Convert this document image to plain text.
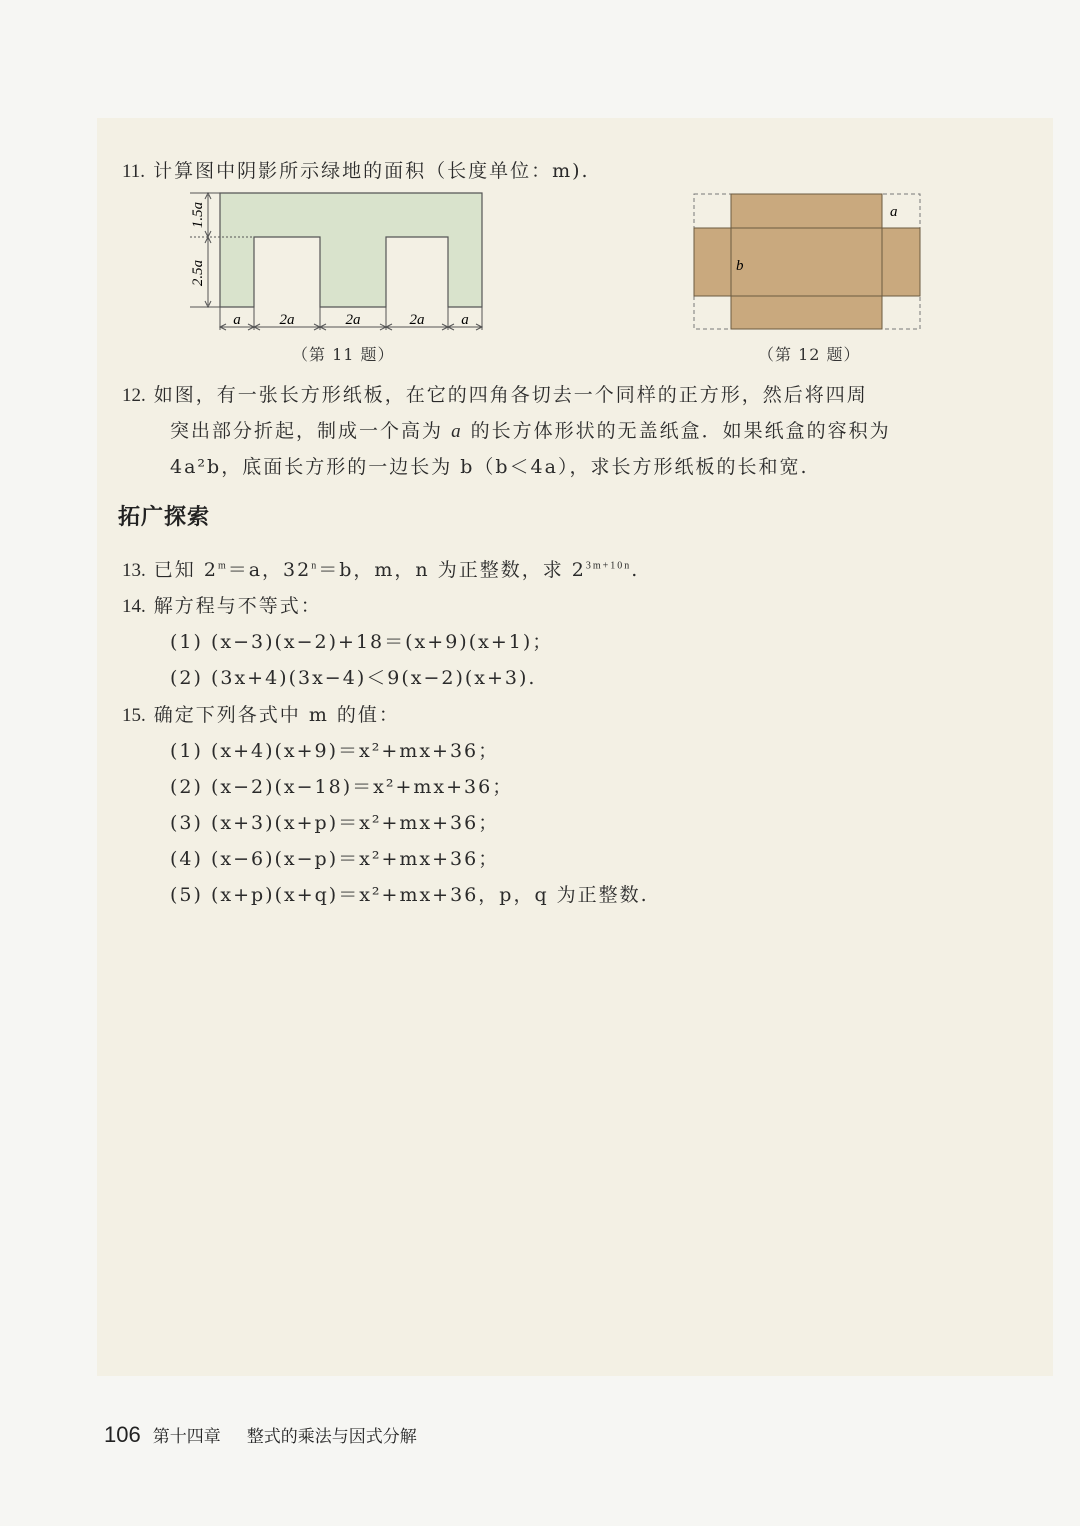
11. 计算图中阴影所示绿地的面积（长度单位：m).
1.5a
2.5a
a	2a	2a	2a a
（第 11 题）
a
b
（第 12 题）
12. 如图，有一张长方形纸板，在它的四角各切去一个同样的正方形，然后将四周
突出部分折起，制成一个高为 a 的长方体形状的无盖纸盒．如果纸盒的容积为
4a²b，底面长方形的一边长为 b（b＜4a），求长方形纸板的长和宽.
拓广探索
13. 已知 $2^m=a$，$32^n=b$，m，n 为正整数，求 $2^{3m+10n}$.
14. 解方程与不等式：
(1) (x−3)(x−2)+18＝(x+9)(x+1)；
(2) (3x+4)(3x−4)＜9(x−2)(x+3).
15. 确定下列各式中 m 的值：
(1) (x+4)(x+9)＝x²+mx+36；
(2) (x−2)(x−18)＝x²+mx+36；
(3) (x+3)(x+p)＝x²+mx+36；
(4) (x−6)(x−p)＝x²+mx+36；
(5) (x+p)(x+q)＝x²+mx+36，p，q 为正整数.
106 第十四章 整式的乘法与因式分解
